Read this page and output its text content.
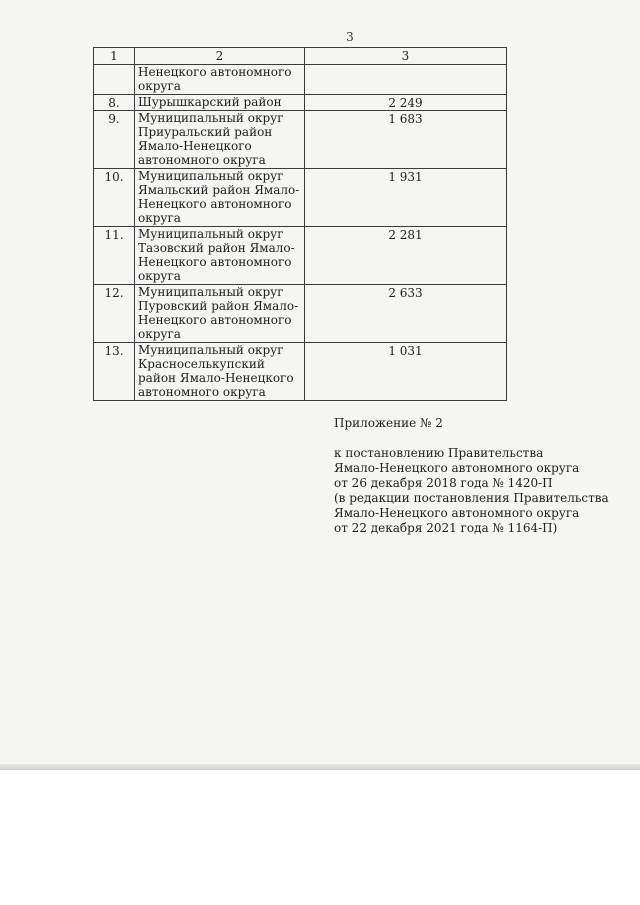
3
1	2	3
	Ненецкого автономного округа	
8.	Шурышкарский район	2 249
9.	Муниципальный округ Приуральский район Ямало-Ненецкого автономного округа	1 683
10.	Муниципальный округ Ямальский район Ямало-Ненецкого автономного округа	1 931
11.	Муниципальный округ Тазовский район Ямало-Ненецкого автономного округа	2 281
12.	Муниципальный округ Пуровский район Ямало-Ненецкого автономного округа	2 633
13.	Муниципальный округ Красноселькупский район Ямало-Ненецкого автономного округа	1 031
Приложение № 2
к постановлению Правительства
Ямало-Ненецкого автономного округа
от 26 декабря 2018 года № 1420-П
(в редакции постановления Правительства
Ямало-Ненецкого автономного округа
от 22 декабря 2021 года № 1164-П)
